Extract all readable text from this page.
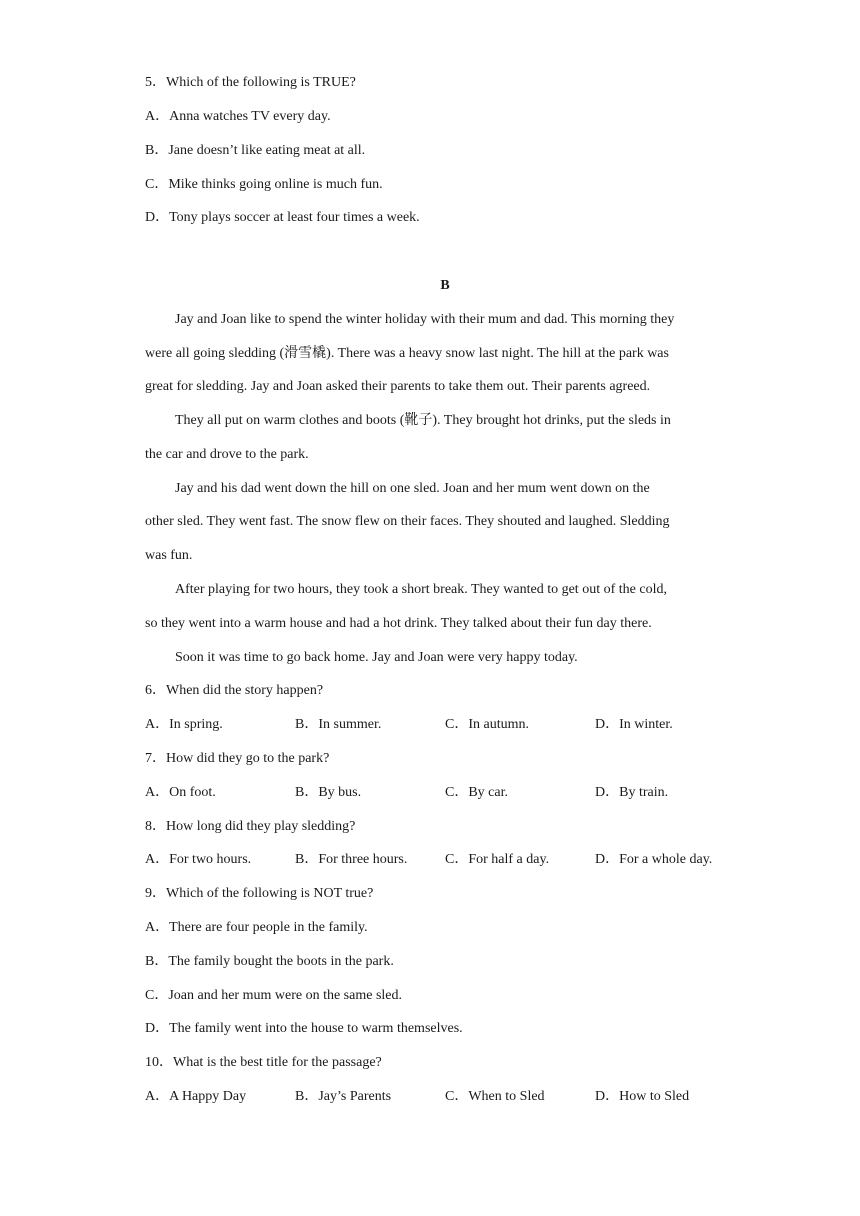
5．Which of the following is TRUE?
A．Anna watches TV every day.
B．Jane doesn’t like eating meat at all.
C．Mike thinks going online is much fun.
D．Tony plays soccer at least four times a week.
B
Jay and Joan like to spend the winter holiday with their mum and dad. This morning they
were all going sledding (滑雪橇). There was a heavy snow last night. The hill at the park was
great for sledding. Jay and Joan asked their parents to take them out. Their parents agreed.
They all put on warm clothes and boots (靴子). They brought hot drinks, put the sleds in
the car and drove to the park.
Jay and his dad went down the hill on one sled. Joan and her mum went down on the
other sled. They went fast. The snow flew on their faces. They shouted and laughed. Sledding
was fun.
After playing for two hours, they took a short break. They wanted to get out of the cold,
so they went into a warm house and had a hot drink. They talked about their fun day there.
Soon it was time to go back home. Jay and Joan were very happy today.
6．When did the story happen?
A．In spring.	B．In summer.	C．In autumn.	D．In winter.
7．How did they go to the park?
A．On foot.	B．By bus.	C．By car.	D．By train.
8．How long did they play sledding?
A．For two hours.	B．For three hours.	C．For half a day.	D．For a whole day.
9．Which of the following is NOT true?
A．There are four people in the family.
B．The family bought the boots in the park.
C．Joan and her mum were on the same sled.
D．The family went into the house to warm themselves.
10．What is the best title for the passage?
A．A Happy Day	B．Jay’s Parents	C．When to Sled	D．How to Sled
